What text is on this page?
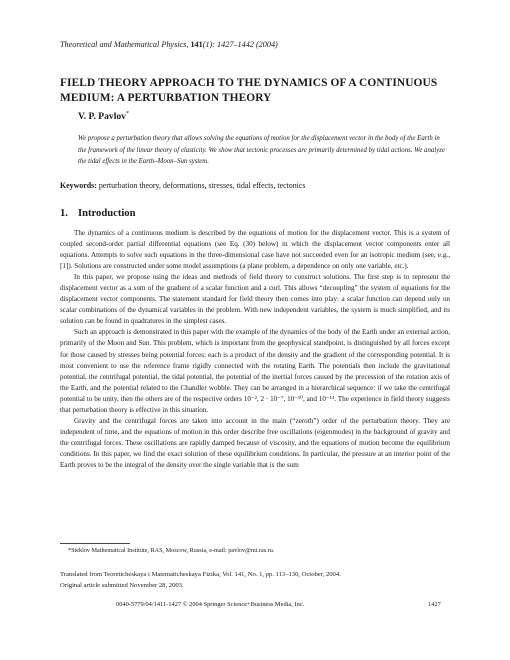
Theoretical and Mathematical Physics, 141(1): 1427–1442 (2004)
FIELD THEORY APPROACH TO THE DYNAMICS OF A CONTINUOUS MEDIUM: A PERTURBATION THEORY
V. P. Pavlov*
We propose a perturbation theory that allows solving the equations of motion for the displacement vector in the body of the Earth in the framework of the linear theory of elasticity. We show that tectonic processes are primarily determined by tidal actions. We analyze the tidal effects in the Earth–Moon–Sun system.
Keywords: perturbation theory, deformations, stresses, tidal effects, tectonics
1. Introduction

The dynamics of a continuous medium is described by the equations of motion for the displacement vector. This is a system of coupled second-order partial differential equations (see Eq. (30) below) in which the displacement vector components enter all equations. Attempts to solve such equations in the three-dimensional case have not succeeded even for an isotropic medium (see, e.g., [1]). Solutions are constructed under some model assumptions (a plane problem, a dependence on only one variable, etc.).

In this paper, we propose using the ideas and methods of field theory to construct solutions. The first step is to represent the displacement vector as a sum of the gradient of a scalar function and a curl. This allows “decoupling” the system of equations for the displacement vector components. The statement standard for field theory then comes into play: a scalar function can depend only on scalar combinations of the dynamical variables in the problem. With new independent variables, the system is much simplified, and its solution can be found in quadratures in the simplest cases.

Such an approach is demonstrated in this paper with the example of the dynamics of the body of the Earth under an external action, primarily of the Moon and Sun. This problem, which is important from the geophysical standpoint, is distinguished by all forces except for those caused by stresses being potential forces: each is a product of the density and the gradient of the corresponding potential. It is most convenient to use the reference frame rigidly connected with the rotating Earth. The potentials then include the gravitational potential, the centrifugal potential, the tidal potential, the potential of the inertial forces caused by the precession of the rotation axis of the Earth, and the potential related to the Chandler wobble. They can be arranged in a hierarchical sequence: if we take the centrifugal potential to be unity, then the others are of the respective orders 10⁻², 2 · 10⁻⁷, 10⁻¹⁰, and 10⁻¹⁴. The experience in field theory suggests that perturbation theory is effective in this situation.

Gravity and the centrifugal forces are taken into account in the main (“zeroth”) order of the perturbation theory. They are independent of time, and the equations of motion in this order describe free oscillations (eigenmodes) in the background of gravity and the centrifugal forces. These oscillations are rapidly damped because of viscosity, and the equations of motion become the equilibrium conditions. In this paper, we find the exact solution of these equilibrium conditions. In particular, the pressure at an interior point of the Earth proves to be the integral of the density over the single variable that is the sum

*Steklov Mathematical Institute, RAS, Moscow, Russia, e-mail: pavlov@mi.ras.ru.
Translated from Teoreticheskaya i Matematicheskaya Fizika, Vol. 141, No. 1, pp. 113–130, October, 2004.
Original article submitted November 28, 2003.
0040-5779/04/1411-1427 © 2004 Springer Science+Business Media, Inc.	1427
